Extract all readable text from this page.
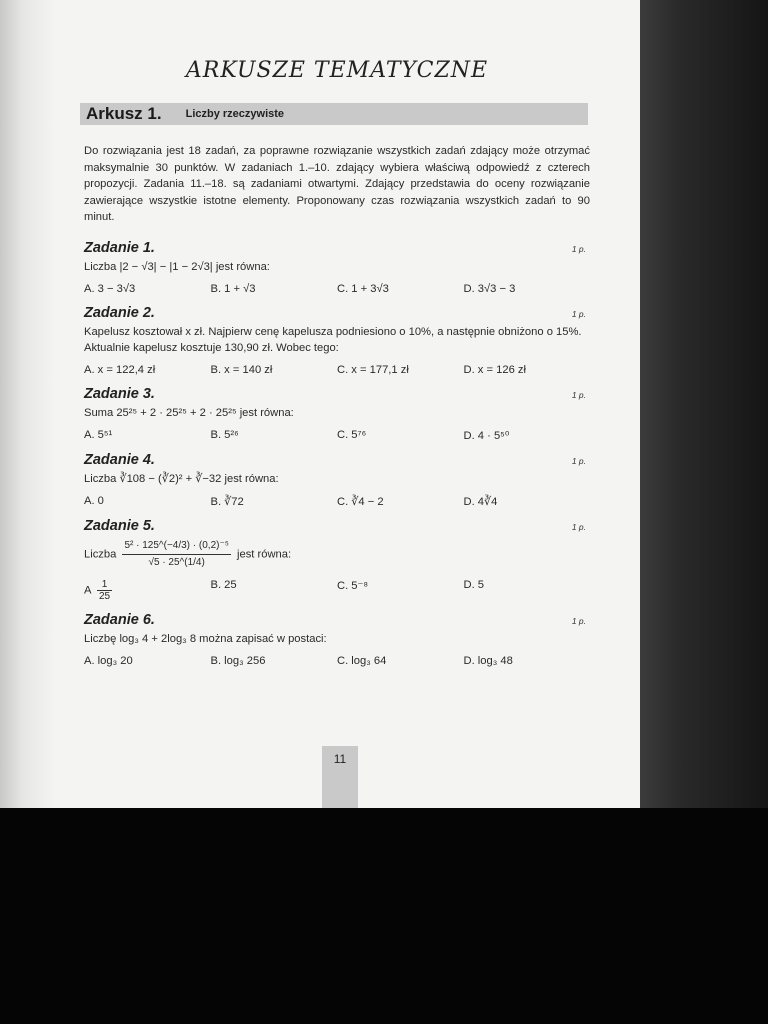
ARKUSZE TEMATYCZNE
Arkusz 1. Liczby rzeczywiste
Do rozwiązania jest 18 zadań, za poprawne rozwiązanie wszystkich zadań zdający może otrzymać maksymalnie 30 punktów. W zadaniach 1.–10. zdający wybiera właściwą odpowiedź z czterech propozycji. Zadania 11.–18. są zadaniami otwartymi. Zdający przedstawia do oceny rozwiązanie zawierające wszystkie istotne elementy. Proponowany czas rozwiązania wszystkich zadań to 90 minut.
Zadanie 1.	1 p.
Liczba |2 − √3| − |1 − 2√3| jest równa:
A. 3 − 3√3	B. 1 + √3	C. 1 + 3√3	D. 3√3 − 3
Zadanie 2.	1 p.
Kapelusz kosztował x zł. Najpierw cenę kapelusza podniesiono o 10%, a następnie obniżono o 15%. Aktualnie kapelusz kosztuje 130,90 zł. Wobec tego:
A. x = 122,4 zł	B. x = 140 zł	C. x = 177,1 zł	D. x = 126 zł
Zadanie 3.	1 p.
Suma 25²⁵ + 2 · 25²⁵ + 2 · 25²⁵ jest równa:
A. 5⁵¹	B. 5²⁶	C. 5⁷⁶	D. 4 · 5⁵⁰
Zadanie 4.	1 p.
Liczba ∛108 − (∛2)² + ∛−32 jest równa:
A. 0	B. ∛72	C. ∛4 − 2	D. 4∛4
Zadanie 5.	1 p.
Liczba $\frac{\text{5² · 125\textasciicircum{}(−4/3) · (0,2)⁻⁵}}{√5 \cdot 25\^{}(1/4)}$ jest równa:
A $\frac{1}{25}$	B. 25	C. 5⁻⁸	D. 5
Zadanie 6.	1 p.
Liczbę log₃ 4 + 2log₃ 8 można zapisać w postaci:
A. log₃ 20	B. log₃ 256	C. log₃ 64	D. log₃ 48
11
